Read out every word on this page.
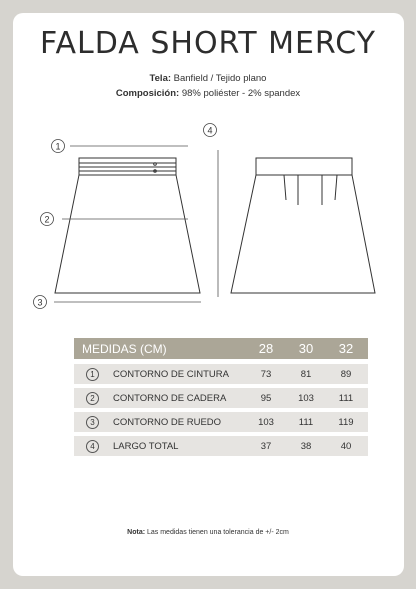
FALDA SHORT MERCY
Tela: Banfield / Tejido plano
Composición: 98% poliéster - 2% spandex
1
2
3
4
MEDIDAS (CM)	28	30	32
1	CONTORNO DE CINTURA	73	81	89
2	CONTORNO DE CADERA	95	103	111
3	CONTORNO DE RUEDO	103	111	119
4	LARGO TOTAL	37	38	40
Nota: Las medidas tienen una tolerancia de +/- 2cm
